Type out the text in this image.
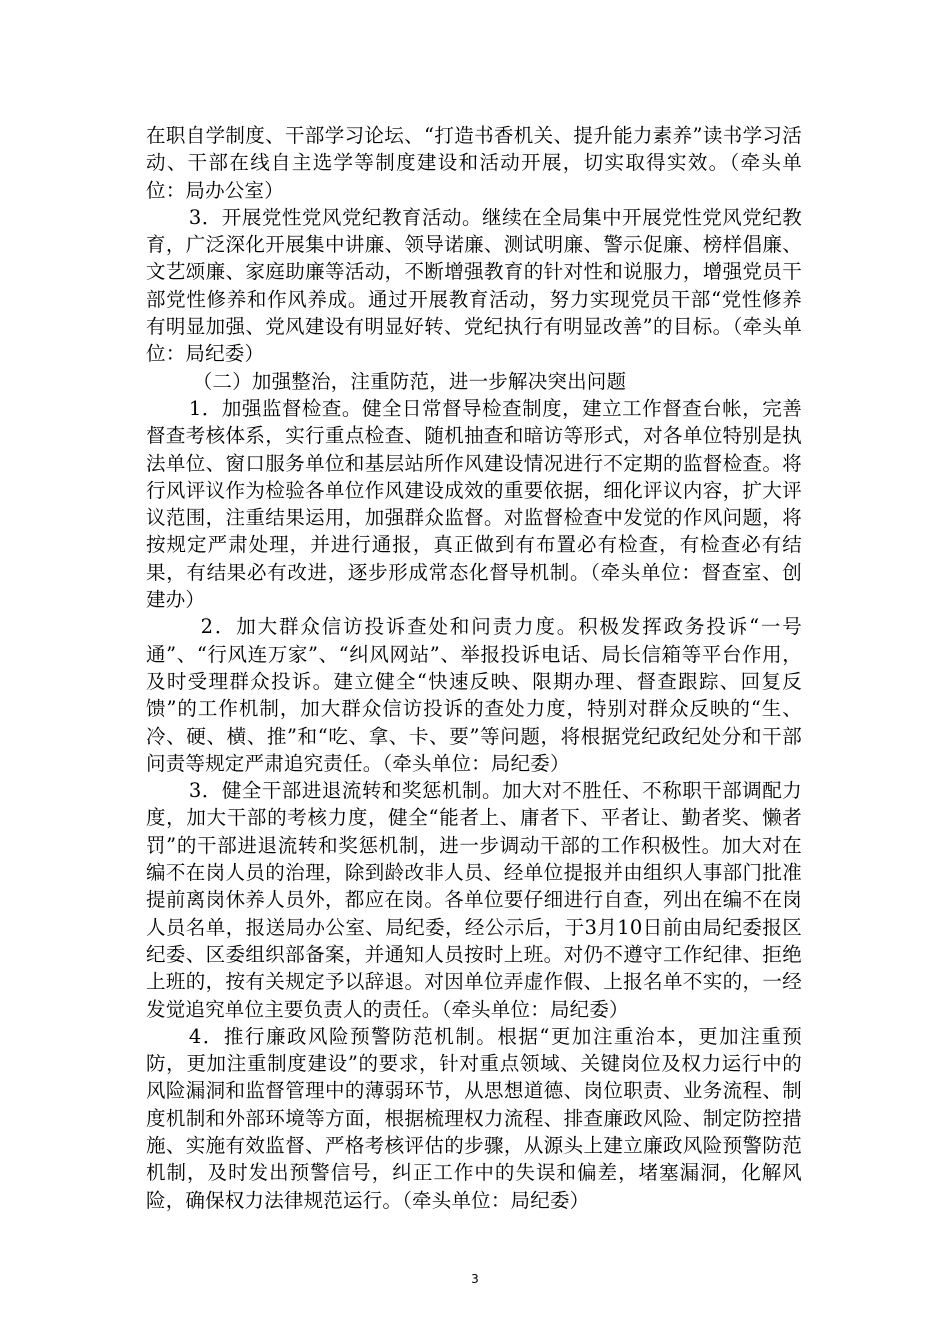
在职自学制度、干部学习论坛、“打造书香机关、提升能力素养”读书学习活动、干部在线自主选学等制度建设和活动开展，切实取得实效。（牵头单位：局办公室）

3．开展党性党风党纪教育活动。继续在全局集中开展党性党风党纪教育，广泛深化开展集中讲廉、领导诺廉、测试明廉、警示促廉、榜样倡廉、文艺颂廉、家庭助廉等活动，不断增强教育的针对性和说服力，增强党员干部党性修养和作风养成。通过开展教育活动，努力实现党员干部“党性修养有明显加强、党风建设有明显好转、党纪执行有明显改善”的目标。（牵头单位：局纪委）

（二）加强整治，注重防范，进一步解决突出问题

1．加强监督检查。健全日常督导检查制度，建立工作督查台帐，完善督查考核体系，实行重点检查、随机抽查和暗访等形式，对各单位特别是执法单位、窗口服务单位和基层站所作风建设情况进行不定期的监督检查。将行风评议作为检验各单位作风建设成效的重要依据，细化评议内容，扩大评议范围，注重结果运用，加强群众监督。对监督检查中发觉的作风问题，将按规定严肃处理，并进行通报，真正做到有布置必有检查，有检查必有结果，有结果必有改进，逐步形成常态化督导机制。（牵头单位：督查室、创建办）

2．加大群众信访投诉查处和问责力度。积极发挥政务投诉“一号通”、“行风连万家”、“纠风网站”、举报投诉电话、局长信箱等平台作用，及时受理群众投诉。建立健全“快速反映、限期办理、督查跟踪、回复反馈”的工作机制，加大群众信访投诉的查处力度，特别对群众反映的“生、冷、硬、横、推”和“吃、拿、卡、要”等问题，将根据党纪政纪处分和干部问责等规定严肃追究责任。（牵头单位：局纪委）

3．健全干部进退流转和奖惩机制。加大对不胜任、不称职干部调配力度，加大干部的考核力度，健全“能者上、庸者下、平者让、勤者奖、懒者罚”的干部进退流转和奖惩机制，进一步调动干部的工作积极性。加大对在编不在岗人员的治理，除到龄改非人员、经单位提报并由组织人事部门批准提前离岗休养人员外，都应在岗。各单位要仔细进行自查，列出在编不在岗人员名单，报送局办公室、局纪委，经公示后，于3月10日前由局纪委报区纪委、区委组织部备案，并通知人员按时上班。对仍不遵守工作纪律、拒绝上班的，按有关规定予以辞退。对因单位弄虚作假、上报名单不实的，一经发觉追究单位主要负责人的责任。（牵头单位：局纪委）

4．推行廉政风险预警防范机制。根据“更加注重治本，更加注重预防，更加注重制度建设”的要求，针对重点领域、关键岗位及权力运行中的风险漏洞和监督管理中的薄弱环节，从思想道德、岗位职责、业务流程、制度机制和外部环境等方面，根据梳理权力流程、排查廉政风险、制定防控措施、实施有效监督、严格考核评估的步骤，从源头上建立廉政风险预警防范机制，及时发出预警信号，纠正工作中的失误和偏差，堵塞漏洞，化解风险，确保权力法律规范运行。（牵头单位：局纪委）

3
